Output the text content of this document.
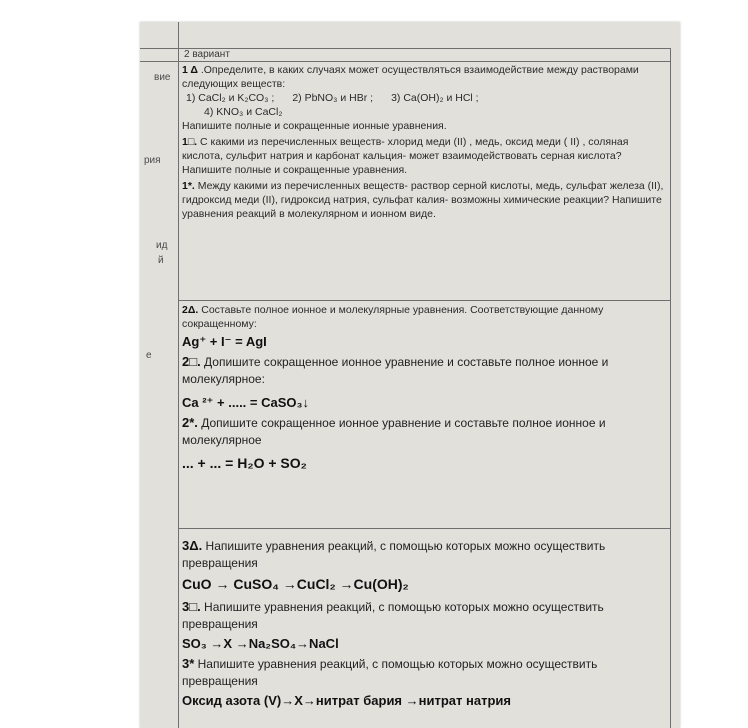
вие
рия
ид
й
е
2 вариант

1 Δ .Определите, в каких случаях может осуществляться взаимодействие между растворами следующих веществ:

1) CaCl₂ и K₂CO₃ ; 2) PbNO₃ и HBr ; 3) Ca(OH)₂ и HCl ;
4) KNO₃ и CaCl₂

Напишите полные и сокращенные ионные уравнения.

1□. С какими из перечисленных веществ- хлорид меди (II) , медь, оксид меди ( II) , соляная кислота, сульфит натрия и карбонат кальция- может взаимодействовать серная кислота? Напишите полные и сокращенные уравнения.

1*. Между какими из перечисленных веществ- раствор серной кислоты, медь, сульфат железа (II), гидроксид меди (II), гидроксид натрия, сульфат калия- возможны химические реакции? Напишите уравнения реакций в молекулярном и ионном виде.

2Δ. Составьте полное ионное и молекулярные уравнения. Соответствующие данному сокращенному:

Ag⁺ + I⁻ = AgI

2□. Допишите сокращенное ионное уравнение и составьте полное ионное и молекулярное:

Ca ²⁺ + ..... = CaSO₃↓

2*. Допишите сокращенное ионное уравнение и составьте полное ионное и молекулярное

... + ... = H₂O + SO₂

3Δ. Напишите уравнения реакций, с помощью которых можно осуществить превращения

CuO → CuSO₄ →CuCl₂ →Cu(OH)₂

3□. Напишите уравнения реакций, с помощью которых можно осуществить превращения

SO₃ →X →Na₂SO₄→NaCl

3* Напишите уравнения реакций, с помощью которых можно осуществить превращения

Оксид азота (V)→X→нитрат бария →нитрат натрия
